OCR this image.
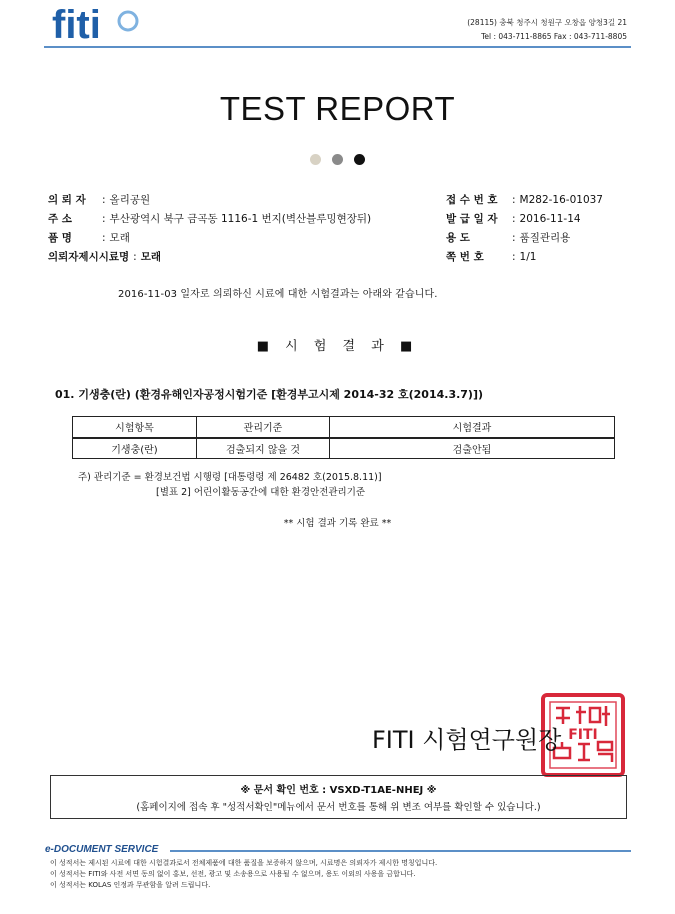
fiti	(28115) 충북 청주시 청원구 오창읍 양청3길 21
Tel : 043-711-8865 Fax : 043-711-8805
TEST REPORT

의 뢰 자 : 올리공원
주 소	: 부산광역시 북구 금곡동 1116-1 번지(벽산블루밍현장뒤)
품 명	: 모래
의뢰자제시시료명 : 모래
접 수 번 호 : M282-16-01037
발 급 일 자 : 2016-11-14
용 도	: 품질관리용
쪽 번 호	: 1/1
2016-11-03 일자로 의뢰하신 시료에 대한 시험결과는 아래와 같습니다.
■ 시 험 결 과 ■
01. 기생충(란) (환경유해인자공정시험기준 [환경부고시제 2014-32 호(2014.3.7)])
시험항목	관리기준	시험결과
기생충(란)	검출되지 않을 것	검출안됨
주) 관리기준 = 환경보건법 시행령 [대통령령 제 26482 호(2015.8.11)]
[별표 2] 어린이활동공간에 대한 환경안전관리기준
** 시험 결과 기록 완료 **
FITI
FITI 시험연구원장
※ 문서 확인 번호 : VSXD-T1AE-NHEJ ※
(홈페이지에 접속 후 "성적서확인"메뉴에서 문서 번호를 통해 위 변조 여부를 확인할 수 있습니다.)
e-DOCUMENT SERVICE
이 성적서는 제시된 시료에 대한 시험결과로서 전체제품에 대한 품질을 보증하지 않으며, 시료명은 의뢰자가 제시한 명칭입니다.
이 성적서는 FITI와 사전 서면 동의 없이 홍보, 선전, 광고 및 소송용으로 사용될 수 없으며, 용도 이외의 사용을 금합니다.
이 성적서는 KOLAS 인정과 무관함을 알려 드립니다.
